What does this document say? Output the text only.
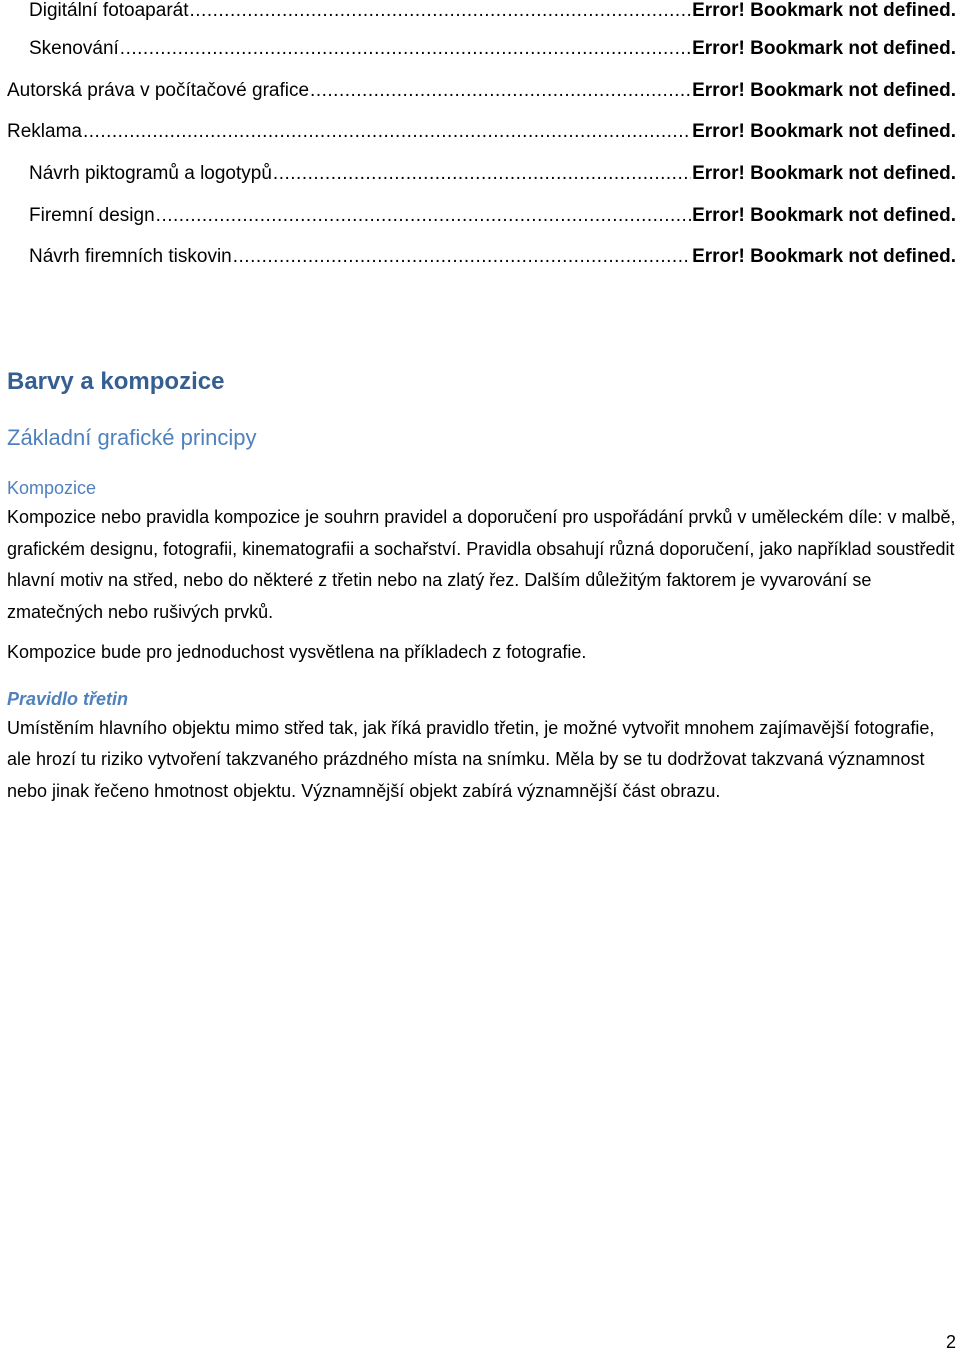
Digitální fotoaparát .....	Error! Bookmark not defined.
Skenování .....	Error! Bookmark not defined.
Autorská práva v počítačové grafice .....	Error! Bookmark not defined.
Reklama .....	Error! Bookmark not defined.
Návrh piktogramů a logotypů .....	Error! Bookmark not defined.
Firemní design .....	Error! Bookmark not defined.
Návrh firemních tiskovin .....	Error! Bookmark not defined.
Barvy a kompozice
Základní grafické principy
Kompozice

Kompozice nebo pravidla kompozice je souhrn pravidel a doporučení pro uspořádání prvků v uměleckém díle: v malbě, grafickém designu, fotografii, kinematografii a sochařství. Pravidla obsahují různá doporučení, jako například soustředit hlavní motiv na střed, nebo do některé z třetin nebo na zlatý řez. Dalším důležitým faktorem je vyvarování se zmatečných nebo rušivých prvků.

Kompozice bude pro jednoduchost vysvětlena na příkladech z fotografie.

Pravidlo třetin

Umístěním hlavního objektu mimo střed tak, jak říká pravidlo třetin, je možné vytvořit mnohem zajímavější fotografie, ale hrozí tu riziko vytvoření takzvaného prázdného místa na snímku. Měla by se tu dodržovat takzvaná významnost nebo jinak řečeno hmotnost objektu. Významnější objekt zabírá významnější část obrazu.

2
